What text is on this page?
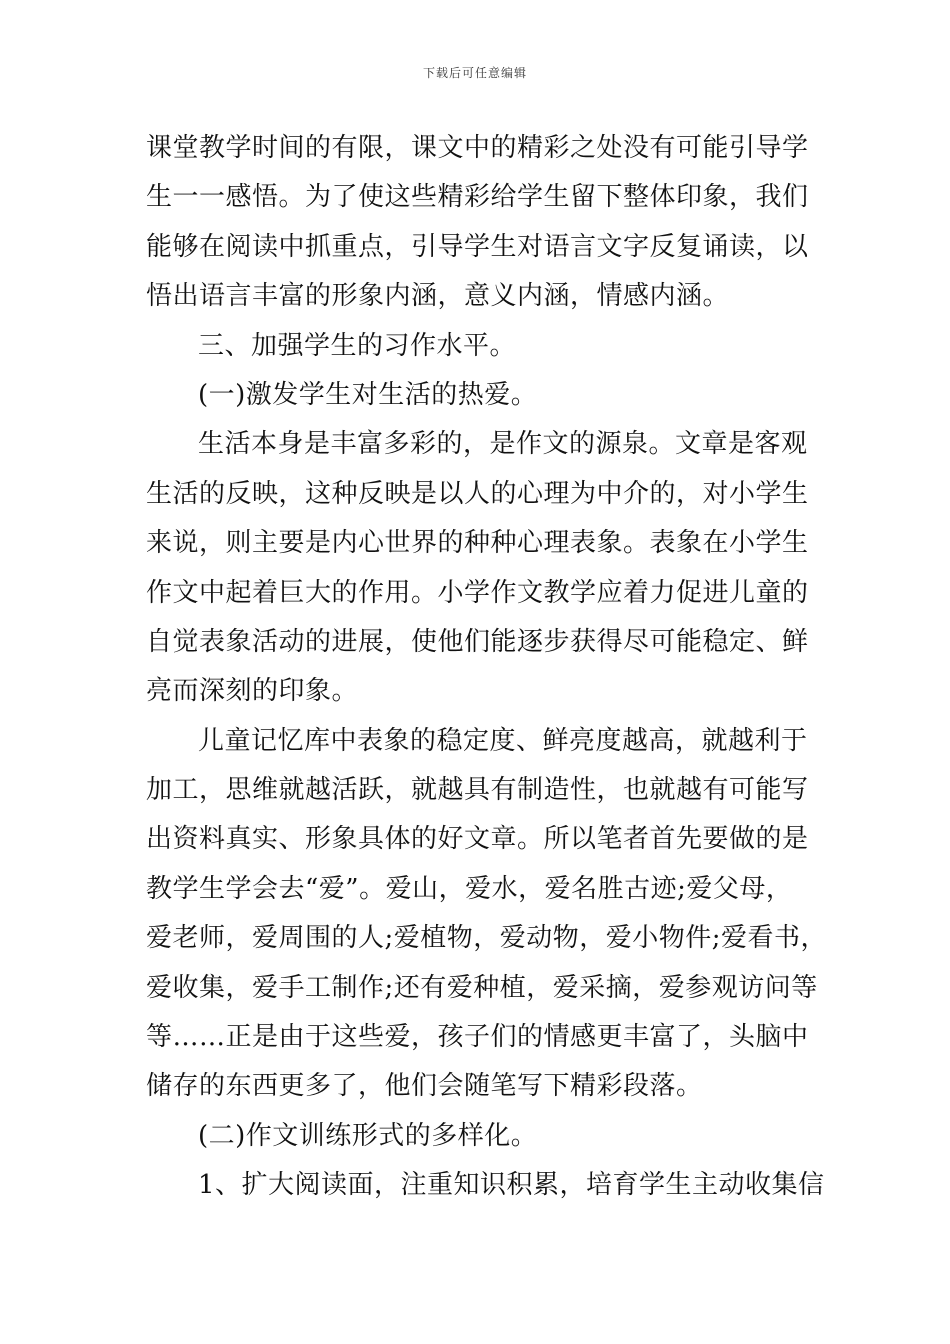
下载后可任意编辑
课堂教学时间的有限，课文中的精彩之处没有可能引导学
生一一感悟。为了使这些精彩给学生留下整体印象，我们
能够在阅读中抓重点，引导学生对语言文字反复诵读，以
悟出语言丰富的形象内涵，意义内涵，情感内涵。
三、加强学生的习作水平。
(一)激发学生对生活的热爱。
生活本身是丰富多彩的，是作文的源泉。文章是客观
生活的反映，这种反映是以人的心理为中介的，对小学生
来说，则主要是内心世界的种种心理表象。表象在小学生
作文中起着巨大的作用。小学作文教学应着力促进儿童的
自觉表象活动的进展，使他们能逐步获得尽可能稳定、鲜
亮而深刻的印象。
儿童记忆库中表象的稳定度、鲜亮度越高，就越利于
加工，思维就越活跃，就越具有制造性，也就越有可能写
出资料真实、形象具体的好文章。所以笔者首先要做的是
教学生学会去“爱”。爱山，爱水，爱名胜古迹;爱父母，
爱老师，爱周围的人;爱植物，爱动物，爱小物件;爱看书，
爱收集，爱手工制作;还有爱种植，爱采摘，爱参观访问等
等……正是由于这些爱，孩子们的情感更丰富了，头脑中
储存的东西更多了，他们会随笔写下精彩段落。
(二)作文训练形式的多样化。
1、扩大阅读面，注重知识积累，培育学生主动收集信
